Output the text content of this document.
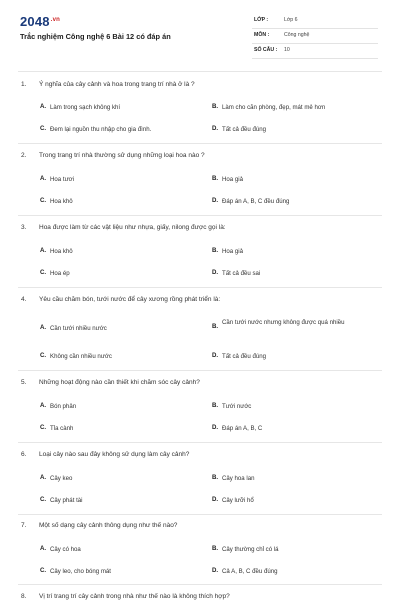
$2048^{.vn}$
Trắc nghiệm Công nghệ 6 Bài 12 có đáp án
LỚP :	Lớp 6
MÔN :	Công nghệ
SỐ CÂU : 10
1. Ý nghĩa của cây cảnh và hoa trong trang trí nhà ở là ?
A. Làm trong sạch không khí	B. Làm cho căn phòng, đẹp, mát mẻ hơn
C. Đem lại nguồn thu nhập cho gia đình.	D. Tất cả đều đúng
2. Trong trang trí nhà thường sử dụng những loại hoa nào ?
A. Hoa tươi	B. Hoa giả
C. Hoa khô	D. Đáp án A, B, C đều đúng
3. Hoa được làm từ các vật liệu như nhựa, giấy, nilong được gọi là:
A. Hoa khô	B. Hoa giả
C. Hoa ép	D. Tất cả đều sai
4. Yêu cầu chăm bón, tưới nước để cây xương rồng phát triển là:
A. Cần tưới nhiều nước	B.
Cần tưới nước nhưng không được quá nhiều
C. Không cần nhiều nước	D. Tất cả đều đúng
5. Những hoạt động nào cần thiết khi chăm sóc cây cảnh?
A. Bón phân	B. Tưới nước
C. Tỉa cành	D. Đáp án A, B, C
6. Loại cây nào sau đây không sử dụng làm cây cảnh?
A. Cây keo	B. Cây hoa lan
C. Cây phát tài	D. Cây lưỡi hổ
7. Một số dạng cây cảnh thông dụng như thế nào?
A. Cây có hoa	B. Cây thường chỉ có lá
C. Cây leo, cho bóng mát	D. Cả A, B, C đều đúng
8. Vị trí trang trí cây cảnh trong nhà như thế nào là không thích hợp?
